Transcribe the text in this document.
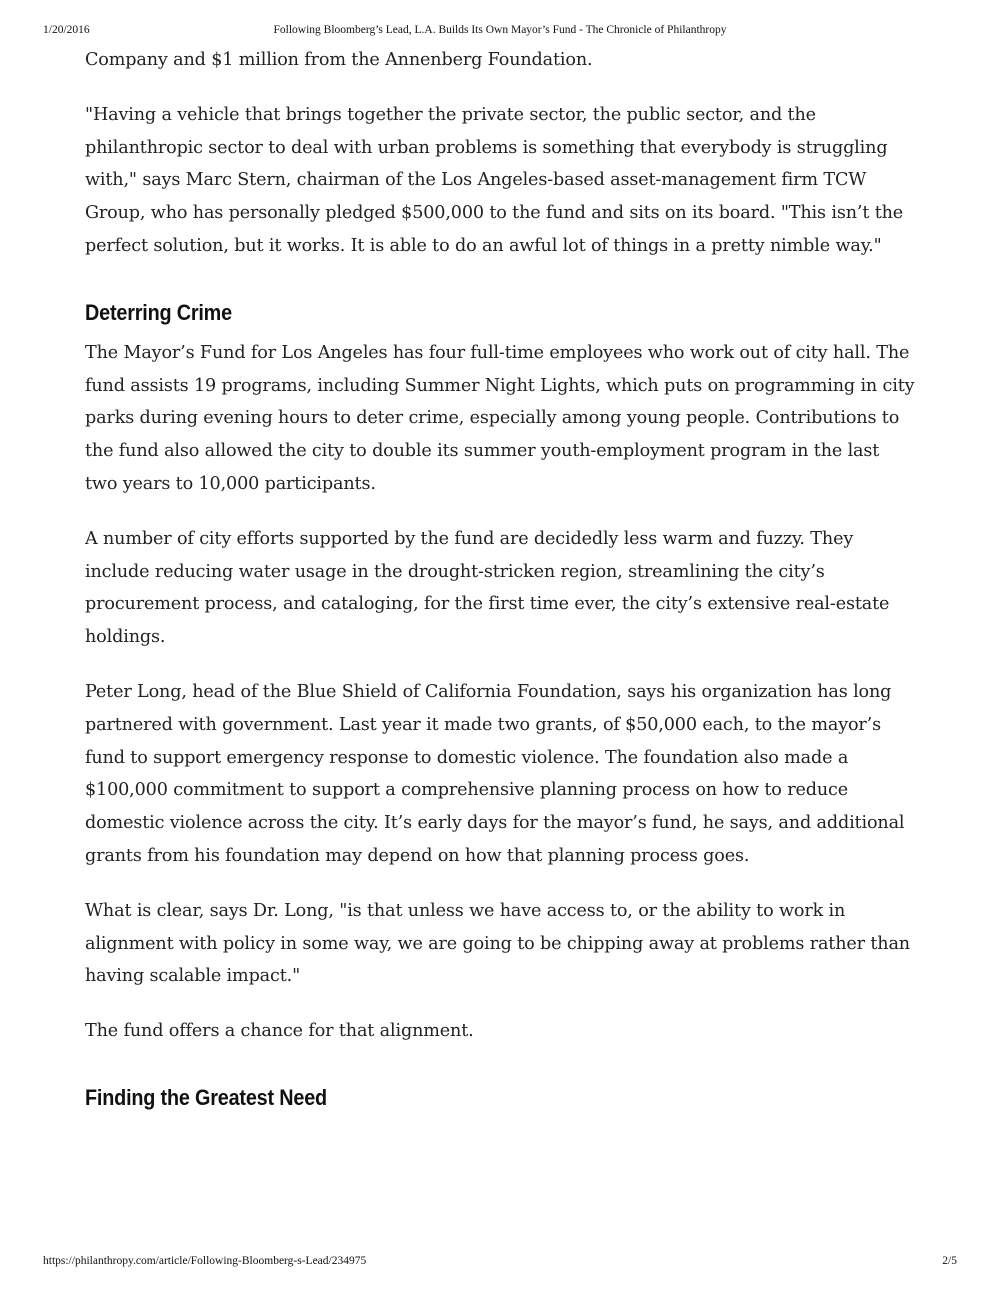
1/20/2016	Following Bloomberg’s Lead, L.A. Builds Its Own Mayor’s Fund - The Chronicle of Philanthropy

Company and $1 million from the Annenberg Foundation.

"Having a vehicle that brings together the private sector, the public sector, and the philanthropic sector to deal with urban problems is something that everybody is struggling with," says Marc Stern, chairman of the Los Angeles-based asset-management firm TCW Group, who has personally pledged $500,000 to the fund and sits on its board. "This isn’t the perfect solution, but it works. It is able to do an awful lot of things in a pretty nimble way."

Deterring Crime

The Mayor’s Fund for Los Angeles has four full-time employees who work out of city hall. The fund assists 19 programs, including Summer Night Lights, which puts on programming in city parks during evening hours to deter crime, especially among young people. Contributions to the fund also allowed the city to double its summer youth-employment program in the last two years to 10,000 participants.

A number of city efforts supported by the fund are decidedly less warm and fuzzy. They include reducing water usage in the drought-stricken region, streamlining the city’s procurement process, and cataloging, for the first time ever, the city’s extensive real-estate holdings.

Peter Long, head of the Blue Shield of California Foundation, says his organization has long partnered with government. Last year it made two grants, of $50,000 each, to the mayor’s fund to support emergency response to domestic violence. The foundation also made a $100,000 commitment to support a comprehensive planning process on how to reduce domestic violence across the city. It’s early days for the mayor’s fund, he says, and additional grants from his foundation may depend on how that planning process goes.

What is clear, says Dr. Long, "is that unless we have access to, or the ability to work in alignment with policy in some way, we are going to be chipping away at problems rather than having scalable impact."

The fund offers a chance for that alignment.

Finding the Greatest Need
https://philanthropy.com/article/Following-Bloomberg-s-Lead/234975	2/5
